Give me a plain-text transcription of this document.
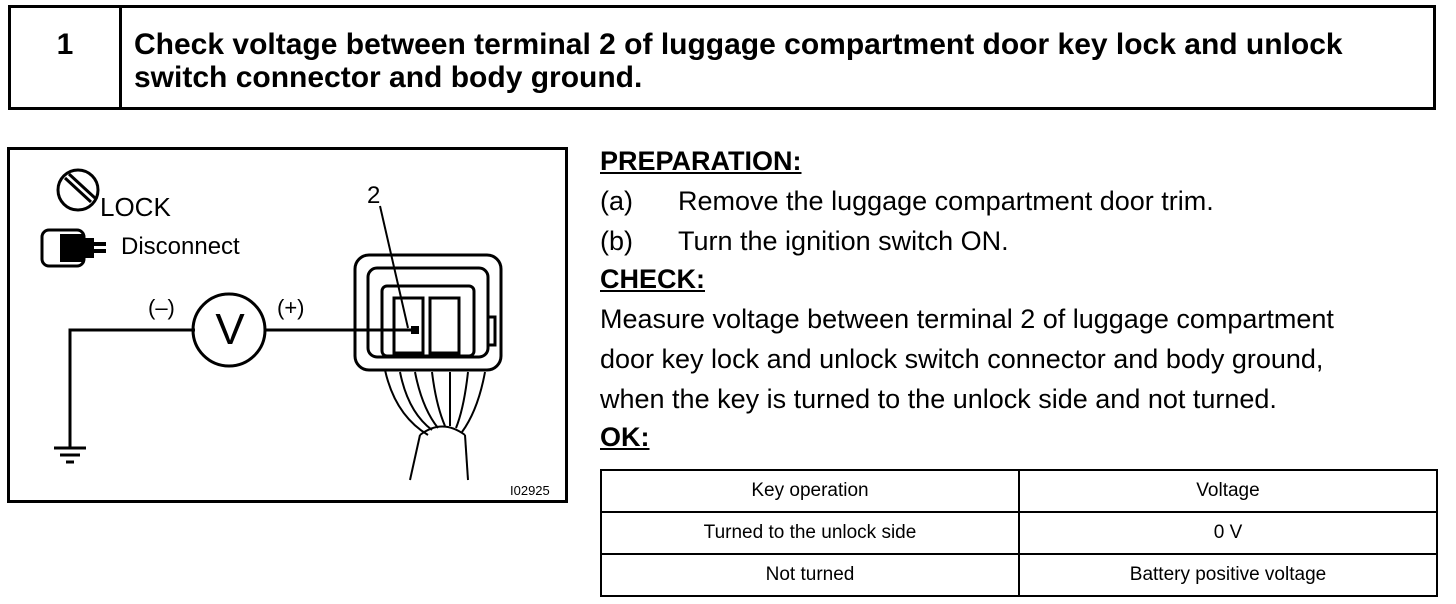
1	Check voltage between terminal 2 of luggage compartment door key lock and unlock switch connector and body ground.
LOCK
Disconnect
2
(–)	(+)
V
I02925
PREPARATION:
(a)	Remove the luggage compartment door trim.
(b)	Turn the ignition switch ON.
CHECK:
Measure voltage between terminal 2 of luggage compartment
door key lock and unlock switch connector and body ground,
when the key is turned to the unlock side and not turned.
OK:
Key operation	Voltage
Turned to the unlock side	0 V
Not turned	Battery positive voltage
